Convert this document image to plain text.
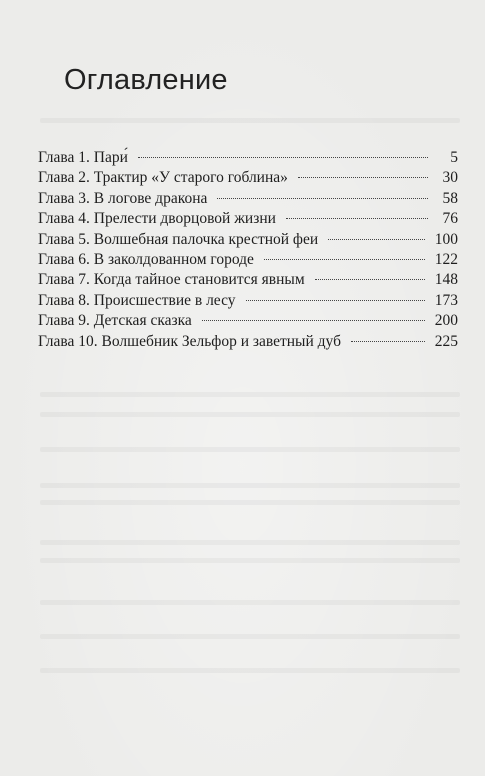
Оглавление
Глава 1. Пари́	5
Глава 2. Трактир «У старого гоблина»	30
Глава 3. В логове дракона	58
Глава 4. Прелести дворцовой жизни	76
Глава 5. Волшебная палочка крестной феи	100
Глава 6. В заколдованном городе	122
Глава 7. Когда тайное становится явным	148
Глава 8. Происшествие в лесу	173
Глава 9. Детская сказка	200
Глава 10. Волшебник Зельфор и заветный дуб	225
